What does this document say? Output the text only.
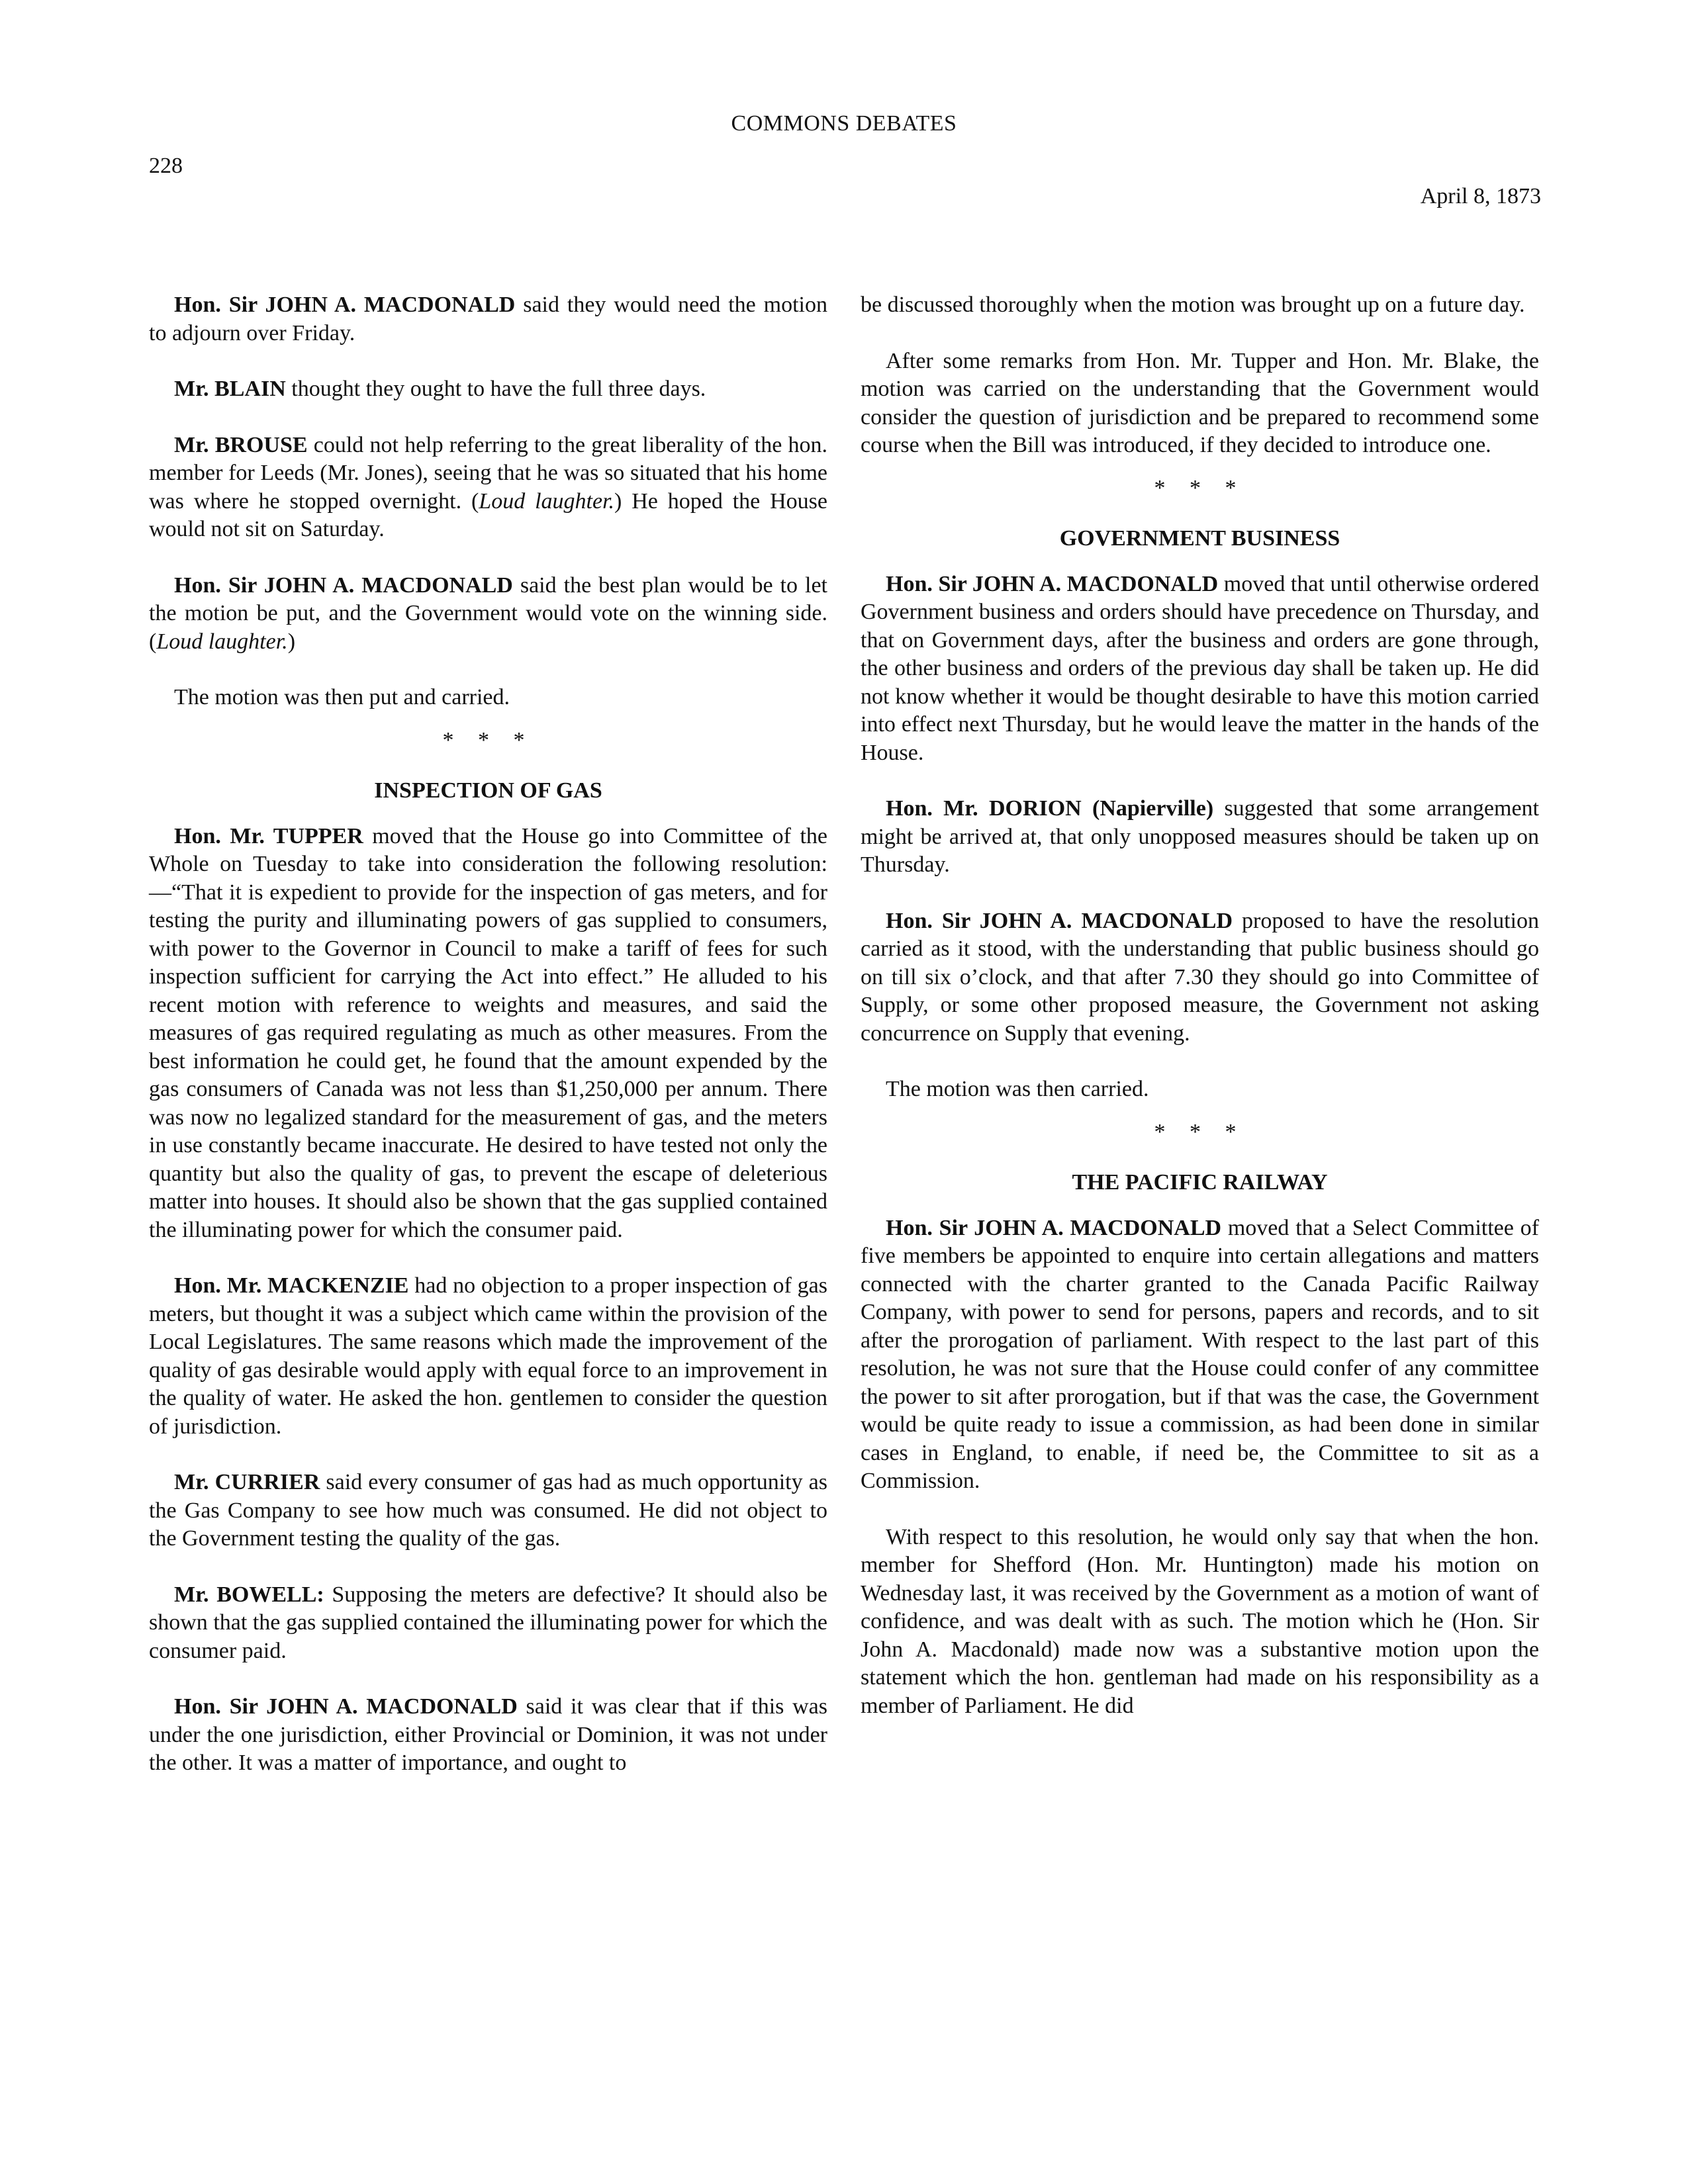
COMMONS DEBATES
228
April 8, 1873

Hon. Sir JOHN A. MACDONALD said they would need the motion to adjourn over Friday.

Mr. BLAIN thought they ought to have the full three days.

Mr. BROUSE could not help referring to the great liberality of the hon. member for Leeds (Mr. Jones), seeing that he was so situated that his home was where he stopped overnight. (Loud laughter.) He hoped the House would not sit on Saturday.

Hon. Sir JOHN A. MACDONALD said the best plan would be to let the motion be put, and the Government would vote on the winning side. (Loud laughter.)

The motion was then put and carried.

* * *
INSPECTION OF GAS

Hon. Mr. TUPPER moved that the House go into Committee of the Whole on Tuesday to take into consideration the following resolution:—“That it is expedient to provide for the inspection of gas meters, and for testing the purity and illuminating powers of gas supplied to consumers, with power to the Governor in Council to make a tariff of fees for such inspection sufficient for carrying the Act into effect.” He alluded to his recent motion with reference to weights and measures, and said the measures of gas required regulating as much as other measures. From the best information he could get, he found that the amount expended by the gas consumers of Canada was not less than $1,250,000 per annum. There was now no legalized standard for the measurement of gas, and the meters in use constantly became inaccurate. He desired to have tested not only the quantity but also the quality of gas, to prevent the escape of deleterious matter into houses. It should also be shown that the gas supplied contained the illuminating power for which the consumer paid.

Hon. Mr. MACKENZIE had no objection to a proper inspection of gas meters, but thought it was a subject which came within the provision of the Local Legislatures. The same reasons which made the improvement of the quality of gas desirable would apply with equal force to an improvement in the quality of water. He asked the hon. gentlemen to consider the question of jurisdiction.

Mr. CURRIER said every consumer of gas had as much opportunity as the Gas Company to see how much was consumed. He did not object to the Government testing the quality of the gas.

Mr. BOWELL: Supposing the meters are defective? It should also be shown that the gas supplied contained the illuminating power for which the consumer paid.

Hon. Sir JOHN A. MACDONALD said it was clear that if this was under the one jurisdiction, either Provincial or Dominion, it was not under the other. It was a matter of importance, and ought to

be discussed thoroughly when the motion was brought up on a future day.

After some remarks from Hon. Mr. Tupper and Hon. Mr. Blake, the motion was carried on the understanding that the Government would consider the question of jurisdiction and be prepared to recommend some course when the Bill was introduced, if they decided to introduce one.

* * *
GOVERNMENT BUSINESS

Hon. Sir JOHN A. MACDONALD moved that until otherwise ordered Government business and orders should have precedence on Thursday, and that on Government days, after the business and orders are gone through, the other business and orders of the previous day shall be taken up. He did not know whether it would be thought desirable to have this motion carried into effect next Thursday, but he would leave the matter in the hands of the House.

Hon. Mr. DORION (Napierville) suggested that some arrangement might be arrived at, that only unopposed measures should be taken up on Thursday.

Hon. Sir JOHN A. MACDONALD proposed to have the resolution carried as it stood, with the understanding that public business should go on till six o’clock, and that after 7.30 they should go into Committee of Supply, or some other proposed measure, the Government not asking concurrence on Supply that evening.

The motion was then carried.

* * *
THE PACIFIC RAILWAY

Hon. Sir JOHN A. MACDONALD moved that a Select Committee of five members be appointed to enquire into certain allegations and matters connected with the charter granted to the Canada Pacific Railway Company, with power to send for persons, papers and records, and to sit after the prorogation of parliament. With respect to the last part of this resolution, he was not sure that the House could confer of any committee the power to sit after prorogation, but if that was the case, the Government would be quite ready to issue a commission, as had been done in similar cases in England, to enable, if need be, the Committee to sit as a Commission.

With respect to this resolution, he would only say that when the hon. member for Shefford (Hon. Mr. Huntington) made his motion on Wednesday last, it was received by the Government as a motion of want of confidence, and was dealt with as such. The motion which he (Hon. Sir John A. Macdonald) made now was a substantive motion upon the statement which the hon. gentleman had made on his responsibility as a member of Parliament. He did
